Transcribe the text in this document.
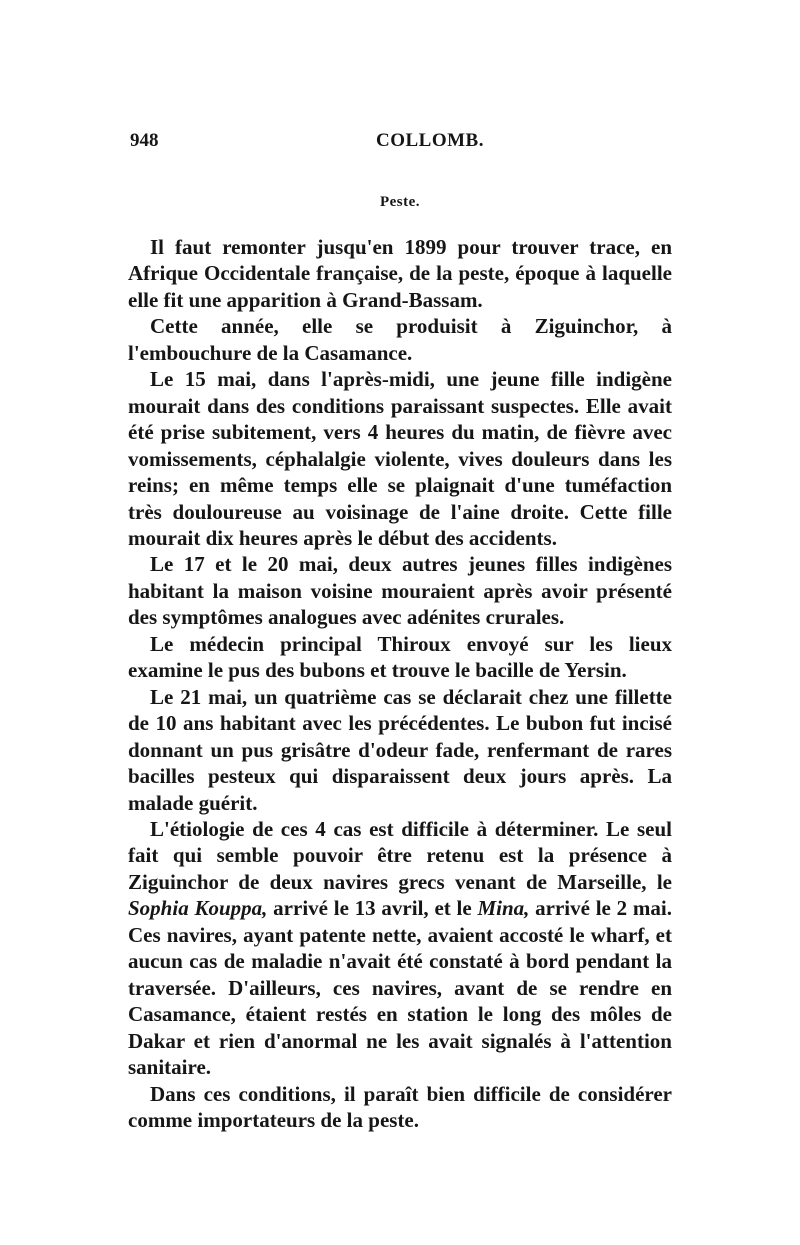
948	COLLOMB.
Peste.

Il faut remonter jusqu'en 1899 pour trouver trace, en Afrique Occidentale française, de la peste, époque à laquelle elle fit une apparition à Grand-Bassam.

Cette année, elle se produisit à Ziguinchor, à l'embouchure de la Casamance.

Le 15 mai, dans l'après-midi, une jeune fille indigène mourait dans des conditions paraissant suspectes. Elle avait été prise subitement, vers 4 heures du matin, de fièvre avec vomissements, céphalalgie violente, vives douleurs dans les reins; en même temps elle se plaignait d'une tuméfaction très douloureuse au voisinage de l'aine droite. Cette fille mourait dix heures après le début des accidents.

Le 17 et le 20 mai, deux autres jeunes filles indigènes habitant la maison voisine mouraient après avoir présenté des symptômes analogues avec adénites crurales.

Le médecin principal Thiroux envoyé sur les lieux examine le pus des bubons et trouve le bacille de Yersin.

Le 21 mai, un quatrième cas se déclarait chez une fillette de 10 ans habitant avec les précédentes. Le bubon fut incisé donnant un pus grisâtre d'odeur fade, renfermant de rares bacilles pesteux qui disparaissent deux jours après. La malade guérit.

L'étiologie de ces 4 cas est difficile à déterminer. Le seul fait qui semble pouvoir être retenu est la présence à Ziguinchor de deux navires grecs venant de Marseille, le Sophia Kouppa, arrivé le 13 avril, et le Mina, arrivé le 2 mai. Ces navires, ayant patente nette, avaient accosté le wharf, et aucun cas de maladie n'avait été constaté à bord pendant la traversée. D'ailleurs, ces navires, avant de se rendre en Casamance, étaient restés en station le long des môles de Dakar et rien d'anormal ne les avait signalés à l'attention sanitaire.

Dans ces conditions, il paraît bien difficile de considérer comme importateurs de la peste.
